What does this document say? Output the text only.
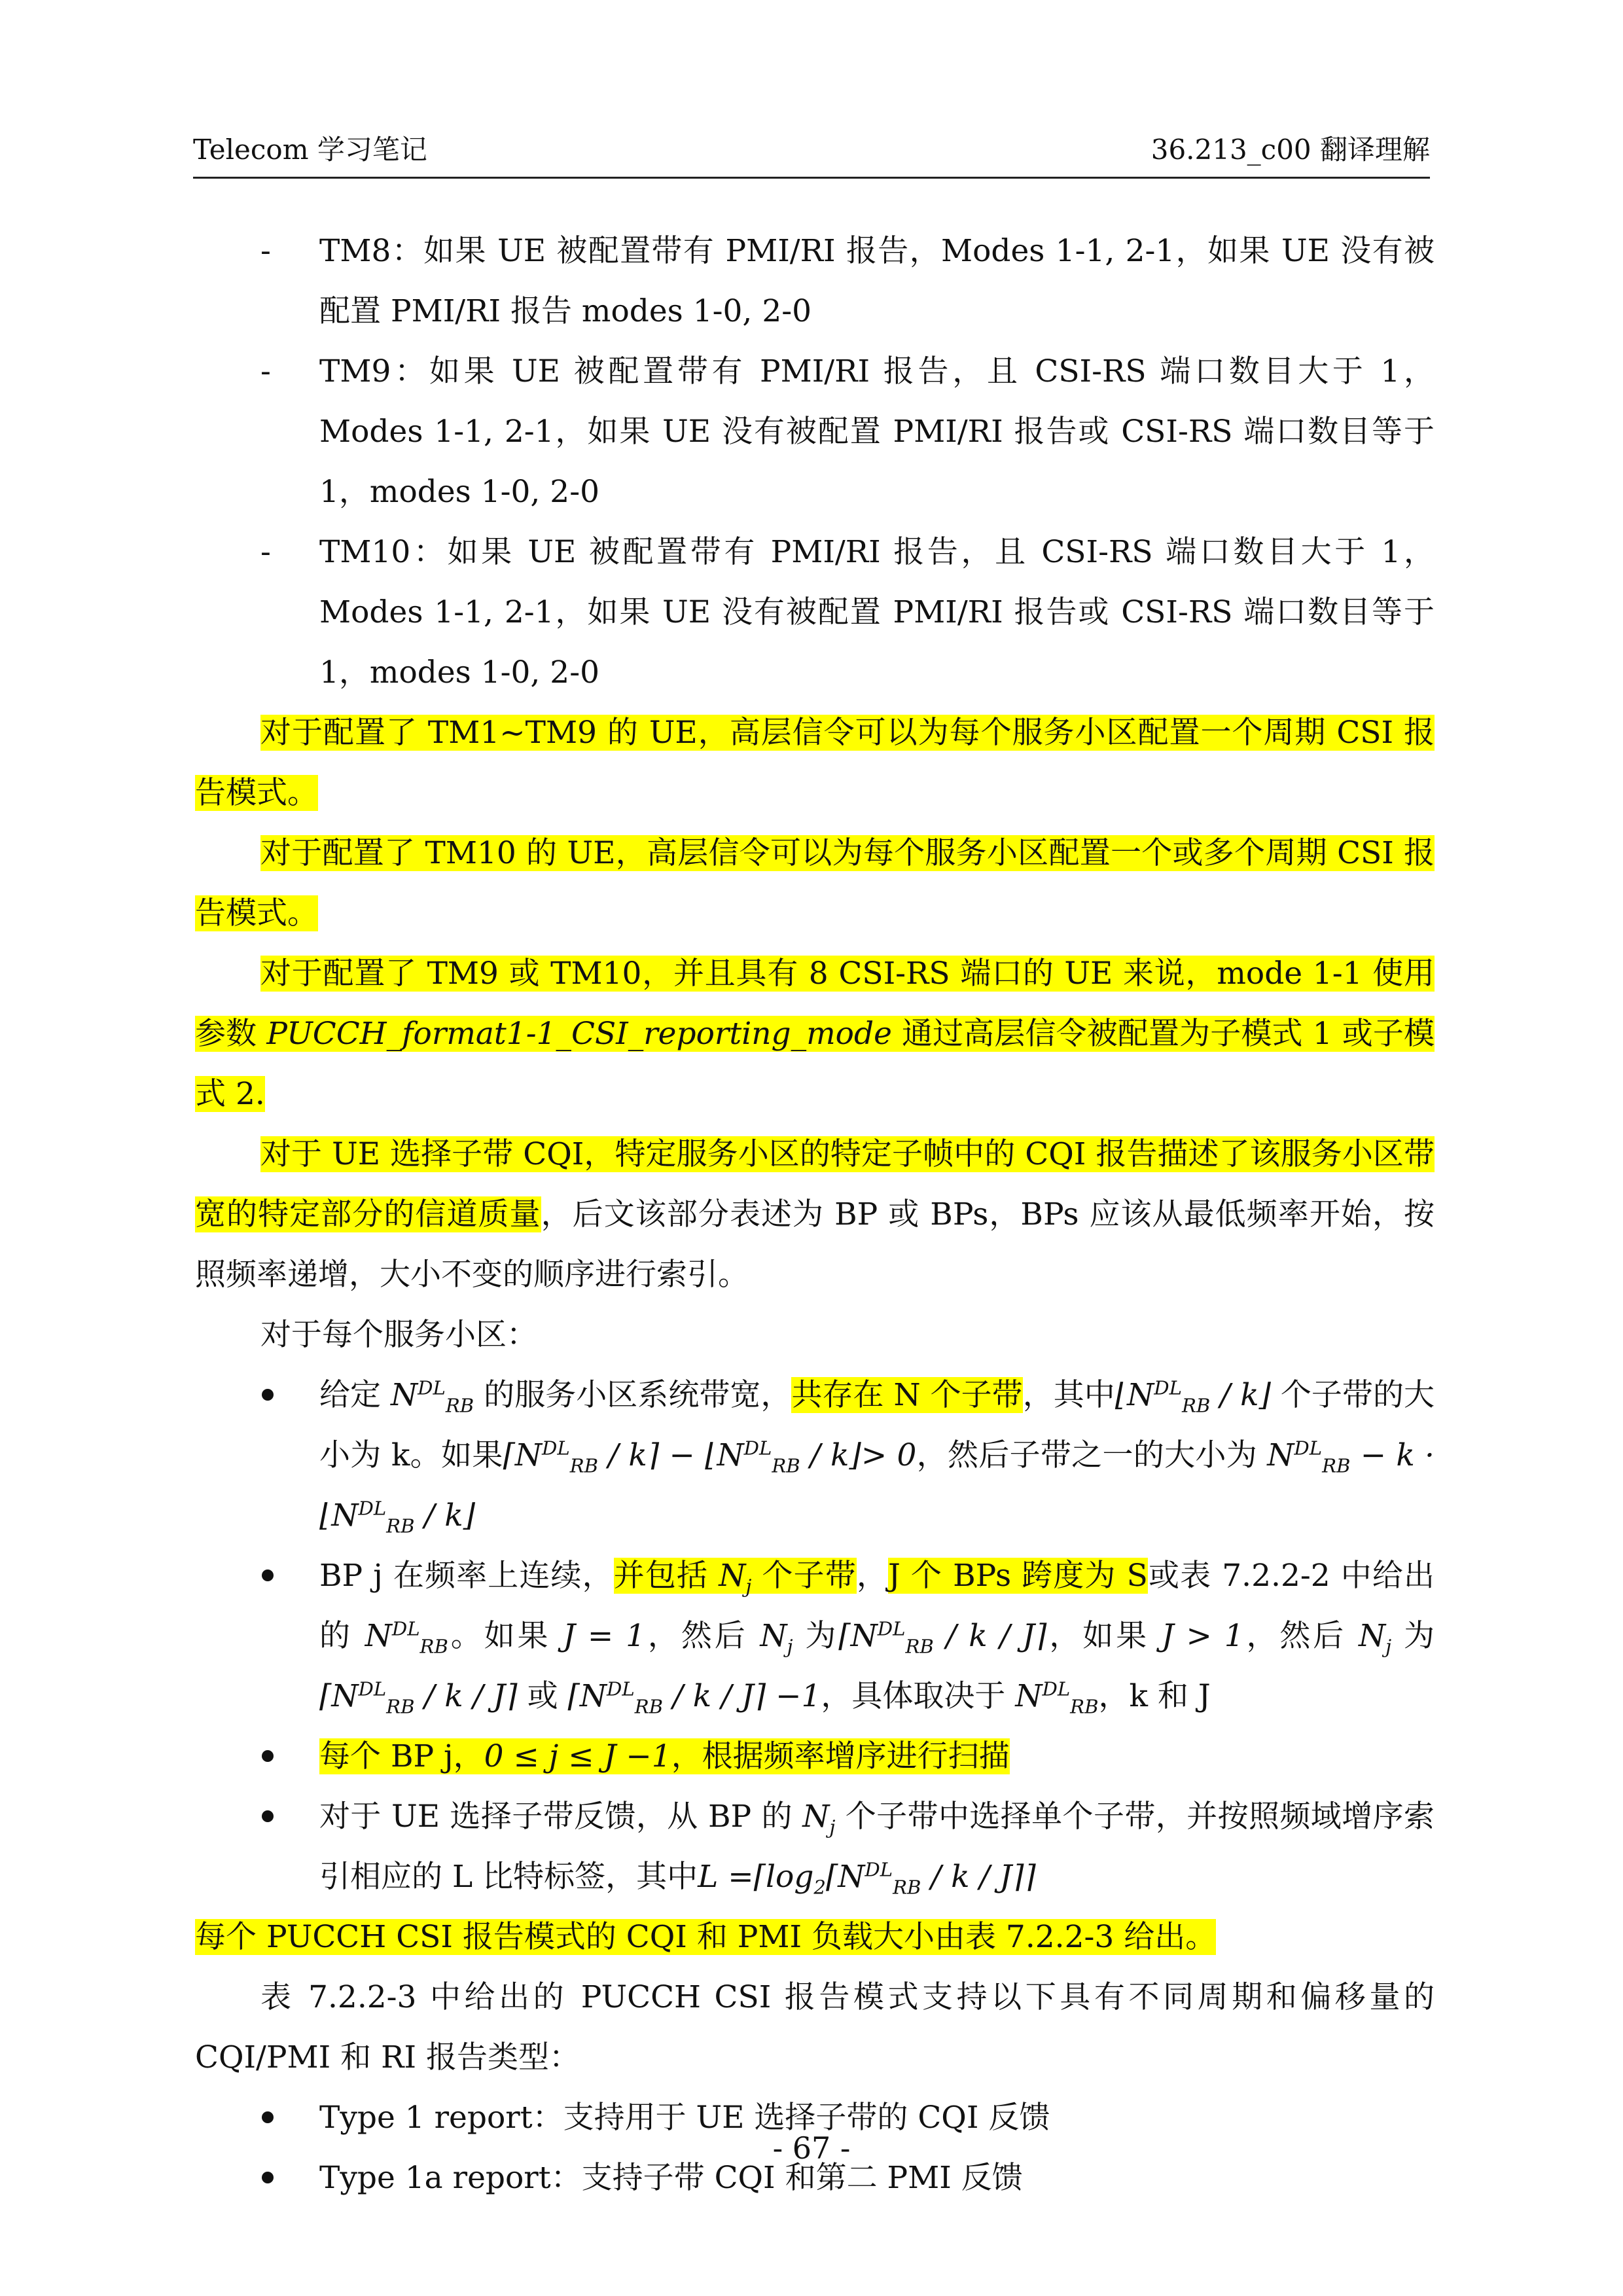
Telecom 学习笔记	36.213_c00 翻译理解
- TM8：如果 UE 被配置带有 PMI/RI 报告，Modes 1-1, 2-1，如果 UE 没有被配置 PMI/RI 报告 modes 1-0, 2-0
- TM9：如果 UE 被配置带有 PMI/RI 报告，且 CSI-RS 端口数目大于 1，Modes 1-1, 2-1，如果 UE 没有被配置 PMI/RI 报告或 CSI-RS 端口数目等于 1，modes 1-0, 2-0
- TM10：如果 UE 被配置带有 PMI/RI 报告，且 CSI-RS 端口数目大于 1，Modes 1-1, 2-1，如果 UE 没有被配置 PMI/RI 报告或 CSI-RS 端口数目等于 1，modes 1-0, 2-0
对于配置了 TM1~TM9 的 UE，高层信令可以为每个服务小区配置一个周期 CSI 报告模式。
对于配置了 TM10 的 UE，高层信令可以为每个服务小区配置一个或多个周期 CSI 报告模式。
对于配置了 TM9 或 TM10，并且具有 8 CSI-RS 端口的 UE 来说，mode 1-1 使用参数 PUCCH_format1-1_CSI_reporting_mode 通过高层信令被配置为子模式 1 或子模式 2.
对于 UE 选择子带 CQI，特定服务小区的特定子帧中的 CQI 报告描述了该服务小区带宽的特定部分的信道质量，后文该部分表述为 BP 或 BPs，BPs 应该从最低频率开始，按照频率递增，大小不变的顺序进行索引。
对于每个服务小区：
给定 $N^{DL}_{RB}$ 的服务小区系统带宽，共存在 N 个子带，其中$⌊N^{DL}_{RB}$ / k⌋ 个子带的大小为 k。如果$⌈N^{DL}_{RB}$ / k⌉ − $⌊N^{DL}_{RB}$ / k⌋> 0，然后子带之一的大小为 $N^{DL}_{RB} - k$ · $⌊N^{DL}_{RB}$ / k⌋
BP j 在频率上连续，并包括 $N_j$ 个子带，J 个 BPs 跨度为 S或表 7.2.2-2 中给出的 $N^{DL}_{RB}$。如果 J = 1，然后 $N_j$ 为$⌈N^{DL}_{RB}$ / k / J⌉，如果 J > 1，然后 $N_j$ 为$⌈N^{DL}_{RB}$ / k / J⌉ 或 $⌈N^{DL}_{RB}$ / k / J⌉ −1，具体取决于 $N^{DL}_{RB}$，k 和 J
每个 BP j，0 ≤ j ≤ J −1，根据频率增序进行扫描
对于 UE 选择子带反馈，从 BP 的 $N_j$ 个子带中选择单个子带，并按照频域增序索引相应的 L 比特标签，其中$L =⌈\log_2⌈N^{DL}_{RB} / k$ / J⌉⌉
每个 PUCCH CSI 报告模式的 CQI 和 PMI 负载大小由表 7.2.2-3 给出。
表 7.2.2-3 中给出的 PUCCH CSI 报告模式支持以下具有不同周期和偏移量的 CQI/PMI 和 RI 报告类型：
Type 1 report：支持用于 UE 选择子带的 CQI 反馈
Type 1a report：支持子带 CQI 和第二 PMI 反馈
- 67 -
